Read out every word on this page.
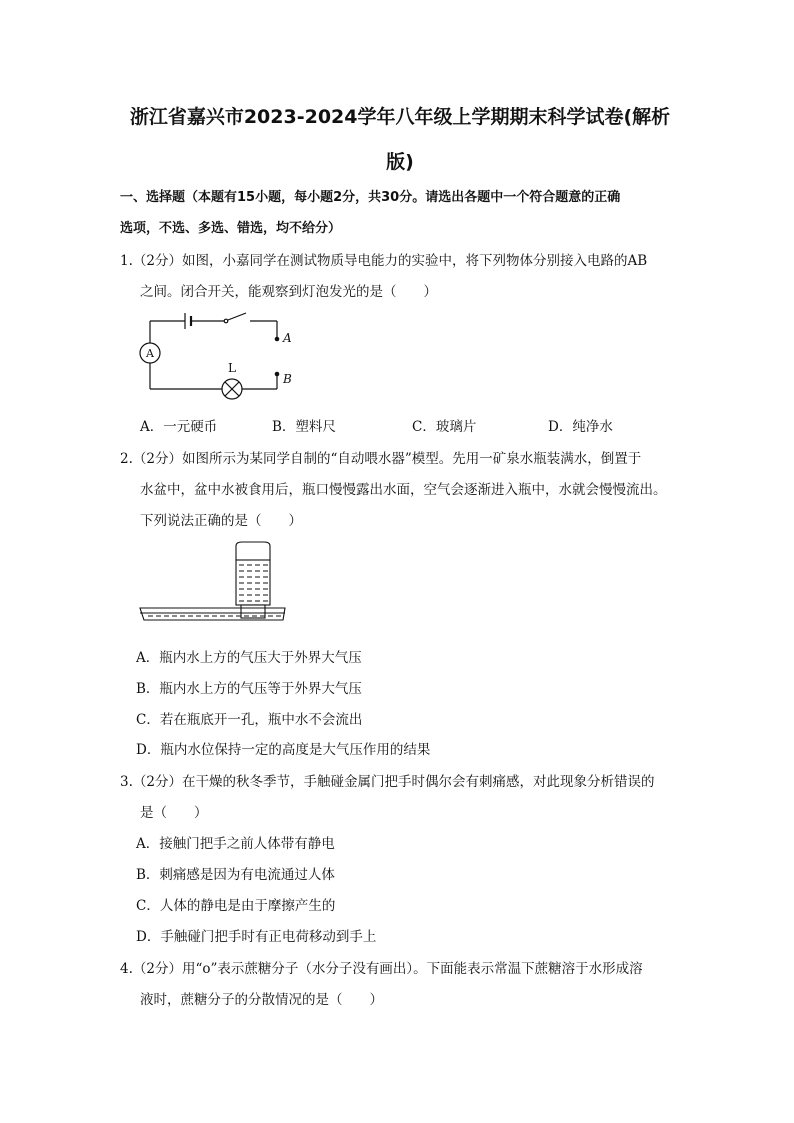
浙江省嘉兴市2023-2024学年八年级上学期期末科学试卷(解析
版)
一、选择题（本题有15小题，每小题2分，共30分。请选出各题中一个符合题意的正确
选项，不选、多选、错选，均不给分）
1.（2分）如图，小嘉同学在测试物质导电能力的实验中，将下列物体分别接入电路的AB
之间。闭合开关，能观察到灯泡发光的是（　　）
A
L
A
B
A．一元硬币	B．塑料尺	C．玻璃片	D．纯净水
2.（2分）如图所示为某同学自制的“自动喂水器”模型。先用一矿泉水瓶装满水，倒置于
水盆中，盆中水被食用后，瓶口慢慢露出水面，空气会逐渐进入瓶中，水就会慢慢流出。
下列说法正确的是（　　）
A．瓶内水上方的气压大于外界大气压
B．瓶内水上方的气压等于外界大气压
C．若在瓶底开一孔，瓶中水不会流出
D．瓶内水位保持一定的高度是大气压作用的结果
3.（2分）在干燥的秋冬季节，手触碰金属门把手时偶尔会有刺痛感，对此现象分析错误的
是（　　）
A．接触门把手之前人体带有静电
B．刺痛感是因为有电流通过人体
C．人体的静电是由于摩擦产生的
D．手触碰门把手时有正电荷移动到手上
4.（2分）用“o”表示蔗糖分子（水分子没有画出）。下面能表示常温下蔗糖溶于水形成溶
液时，蔗糖分子的分散情况的是（　　）
